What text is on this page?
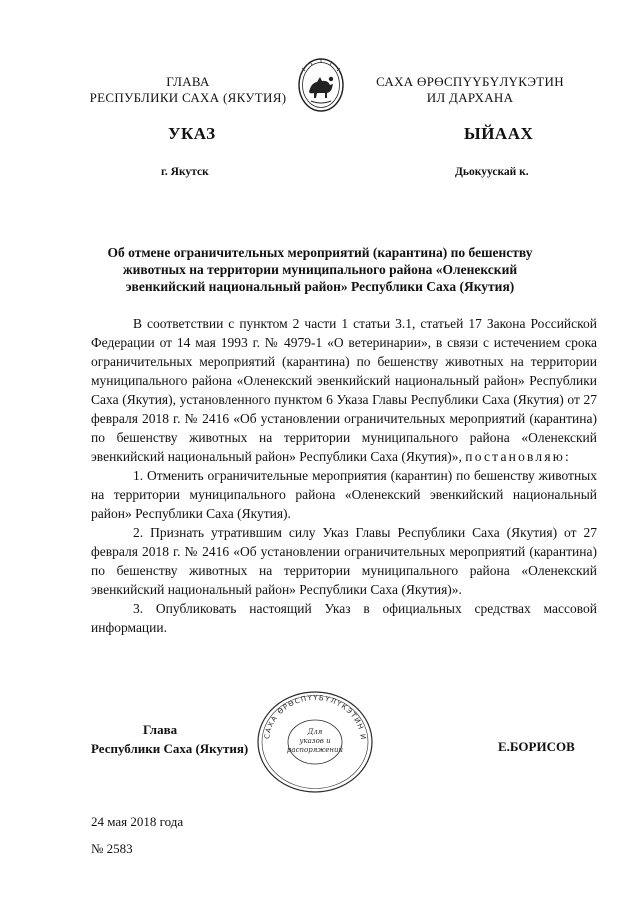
ГЛАВА
РЕСПУБЛИКИ САХА (ЯКУТИЯ)
САХА ӨРӨСПҮҮБҮЛҮКЭТИН
ИЛ ДАРХАНА
УКАЗ	ЫЙААХ
г. Якутск	Дьокуускай к.
Об отмене ограничительных мероприятий (карантина) по бешенству
животных на территории муниципального района «Оленекский
эвенкийский национальный район» Республики Саха (Якутия)

В соответствии с пунктом 2 части 1 статьи 3.1, статьей 17 Закона Российской Федерации от 14 мая 1993 г. № 4979-1 «О ветеринарии», в связи с истечением срока ограничительных мероприятий (карантина) по бешенству животных на территории муниципального района «Оленекский эвенкийский национальный район» Республики Саха (Якутия), установленного пунктом 6 Указа Главы Республики Саха (Якутия) от 27 февраля 2018 г. № 2416 «Об установлении ограничительных мероприятий (карантина) по бешенству животных на территории муниципального района «Оленекский эвенкийский национальный район» Республики Саха (Якутия)», постановляю:

1. Отменить ограничительные мероприятия (карантин) по бешенству животных на территории муниципального района «Оленекский эвенкийский национальный район» Республики Саха (Якутия).

2. Признать утратившим силу Указ Главы Республики Саха (Якутия) от 27 февраля 2018 г. № 2416 «Об установлении ограничительных мероприятий (карантина) по бешенству животных на территории муниципального района «Оленекский эвенкийский национальный район» Республики Саха (Якутия)».

3. Опубликовать настоящий Указ в официальных средствах массовой информации.

Глава
Республики Саха (Якутия)
САХА ӨРӨСПҮҮБҮЛҮКЭТИН И
Для
указов и
распоряжений	Е.БОРИСОВ
24 мая 2018 года
№ 2583
